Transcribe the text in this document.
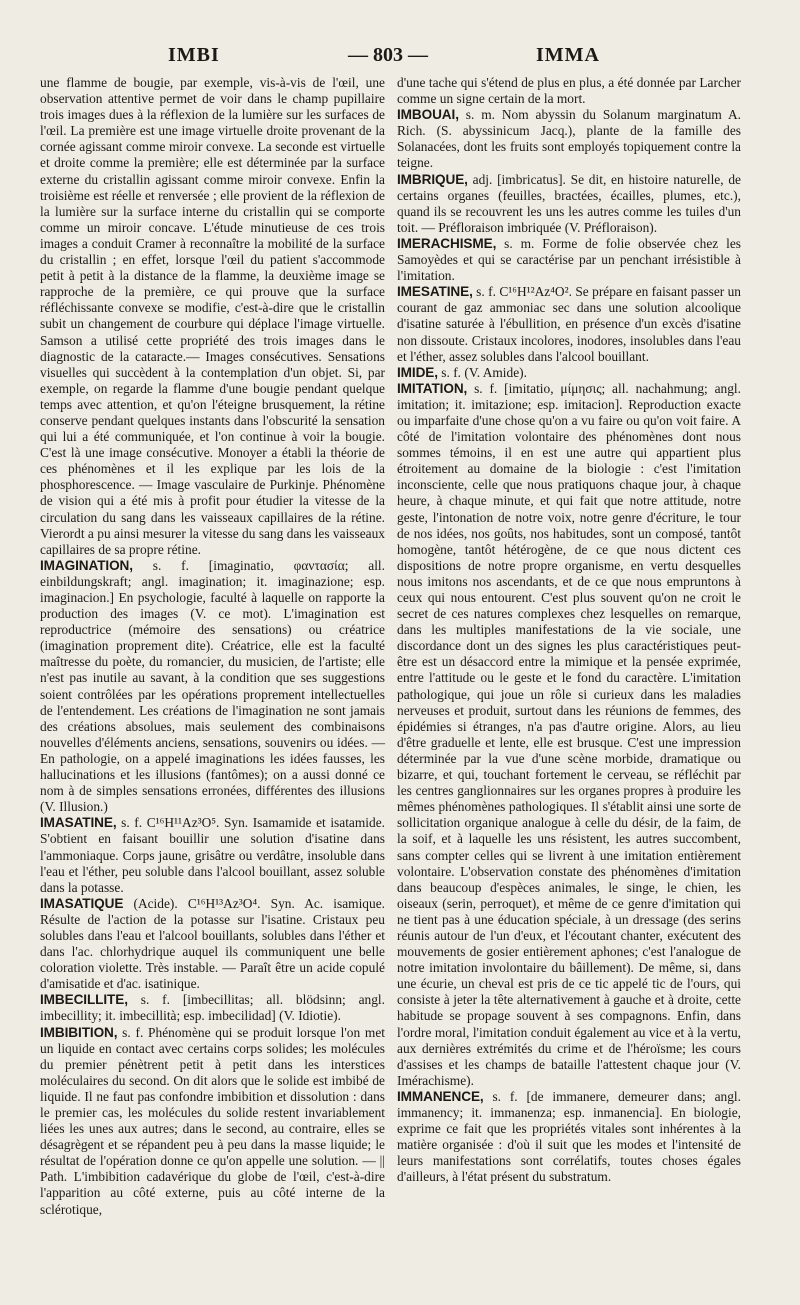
IMBI	— 803 —	IMMA

une flamme de bougie, par exemple, vis-à-vis de l'œil, une observation attentive permet de voir dans le champ pupillaire trois images dues à la réflexion de la lumière sur les surfaces de l'œil. La première est une image virtuelle droite provenant de la cornée agissant comme miroir convexe. La seconde est virtuelle et droite comme la première; elle est déterminée par la surface externe du cristallin agissant comme miroir convexe. Enfin la troisième est réelle et renversée ; elle provient de la réflexion de la lumière sur la surface interne du cristallin qui se comporte comme un miroir concave. L'étude minutieuse de ces trois images a conduit Cramer à reconnaître la mobilité de la surface du cristallin ; en effet, lorsque l'œil du patient s'accommode petit à petit à la distance de la flamme, la deuxième image se rapproche de la première, ce qui prouve que la surface réfléchissante convexe se modifie, c'est-à-dire que le cristallin subit un changement de courbure qui déplace l'image virtuelle. Samson a utilisé cette propriété des trois images dans le diagnostic de la cataracte.— Images consécutives. Sensations visuelles qui succèdent à la contemplation d'un objet. Si, par exemple, on regarde la flamme d'une bougie pendant quelque temps avec attention, et qu'on l'éteigne brusquement, la rétine conserve pendant quelques instants dans l'obscurité la sensation qui lui a été communiquée, et l'on continue à voir la bougie. C'est là une image consécutive. Monoyer a établi la théorie de ces phénomènes et il les explique par les lois de la phosphorescence. — Image vasculaire de Purkinje. Phénomène de vision qui a été mis à profit pour étudier la vitesse de la circulation du sang dans les vaisseaux capillaires de la rétine. Vierordt a pu ainsi mesurer la vitesse du sang dans les vaisseaux capillaires de sa propre rétine.

IMAGINATION, s. f. [imaginatio, φαντασία; all. einbildungskraft; angl. imagination; it. imaginazione; esp. imaginacion.] En psychologie, faculté à laquelle on rapporte la production des images (V. ce mot). L'imagination est reproductrice (mémoire des sensations) ou créatrice (imagination proprement dite). Créatrice, elle est la faculté maîtresse du poète, du romancier, du musicien, de l'artiste; elle n'est pas inutile au savant, à la condition que ses suggestions soient contrôlées par les opérations proprement intellectuelles de l'entendement. Les créations de l'imagination ne sont jamais des créations absolues, mais seulement des combinaisons nouvelles d'éléments anciens, sensations, souvenirs ou idées. — En pathologie, on a appelé imaginations les idées fausses, les hallucinations et les illusions (fantômes); on a aussi donné ce nom à de simples sensations erronées, différentes des illusions (V. Illusion.)

IMASATINE, s. f. C¹⁶H¹¹Az³O⁵. Syn. Isamamide et isatamide. S'obtient en faisant bouillir une solution d'isatine dans l'ammoniaque. Corps jaune, grisâtre ou verdâtre, insoluble dans l'eau et l'éther, peu soluble dans l'alcool bouillant, assez soluble dans la potasse.

IMASATIQUE (Acide). C¹⁶H¹³Az³O⁴. Syn. Ac. isamique. Résulte de l'action de la potasse sur l'isatine. Cristaux peu solubles dans l'eau et l'alcool bouillants, solubles dans l'éther et dans l'ac. chlorhydrique auquel ils communiquent une belle coloration violette. Très instable. — Paraît être un acide copulé d'amisatide et d'ac. isatinique.

IMBECILLITE, s. f. [imbecillitas; all. blödsinn; angl. imbecillity; it. imbecillità; esp. imbecilidad] (V. Idiotie).

IMBIBITION, s. f. Phénomène qui se produit lorsque l'on met un liquide en contact avec certains corps solides; les molécules du premier pénètrent petit à petit dans les interstices moléculaires du second. On dit alors que le solide est imbibé de liquide. Il ne faut pas confondre imbibition et dissolution : dans le premier cas, les molécules du solide restent invariablement liées les unes aux autres; dans le second, au contraire, elles se désagrègent et se répandent peu à peu dans la masse liquide; le résultat de l'opération donne ce qu'on appelle une solution. — || Path. L'imbibition cadavérique du globe de l'œil, c'est-à-dire l'apparition au côté externe, puis au côté interne de la sclérotique,

d'une tache qui s'étend de plus en plus, a été donnée par Larcher comme un signe certain de la mort.

IMBOUAI, s. m. Nom abyssin du Solanum marginatum A. Rich. (S. abyssinicum Jacq.), plante de la famille des Solanacées, dont les fruits sont employés topiquement contre la teigne.

IMBRIQUE, adj. [imbricatus]. Se dit, en histoire naturelle, de certains organes (feuilles, bractées, écailles, plumes, etc.), quand ils se recouvrent les uns les autres comme les tuiles d'un toit. — Préfloraison imbriquée (V. Préfloraison).

IMERACHISME, s. m. Forme de folie observée chez les Samoyèdes et qui se caractérise par un penchant irrésistible à l'imitation.

IMESATINE, s. f. C¹⁶H¹²Az⁴O². Se prépare en faisant passer un courant de gaz ammoniac sec dans une solution alcoolique d'isatine saturée à l'ébullition, en présence d'un excès d'isatine non dissoute. Cristaux incolores, inodores, insolubles dans l'eau et l'éther, assez solubles dans l'alcool bouillant.

IMIDE, s. f. (V. Amide).

IMITATION, s. f. [imitatio, μίμησις; all. nachahmung; angl. imitation; it. imitazione; esp. imitacion]. Reproduction exacte ou imparfaite d'une chose qu'on a vu faire ou qu'on voit faire. A côté de l'imitation volontaire des phénomènes dont nous sommes témoins, il en est une autre qui appartient plus étroitement au domaine de la biologie : c'est l'imitation inconsciente, celle que nous pratiquons chaque jour, à chaque heure, à chaque minute, et qui fait que notre attitude, notre geste, l'intonation de notre voix, notre genre d'écriture, le tour de nos idées, nos goûts, nos habitudes, sont un composé, tantôt homogène, tantôt hétérogène, de ce que nous dictent ces dispositions de notre propre organisme, en vertu desquelles nous imitons nos ascendants, et de ce que nous empruntons à ceux qui nous entourent. C'est plus souvent qu'on ne croit le secret de ces natures complexes chez lesquelles on remarque, dans les multiples manifestations de la vie sociale, une discordance dont un des signes les plus caractéristiques peut-être est un désaccord entre la mimique et la pensée exprimée, entre l'attitude ou le geste et le fond du caractère. L'imitation pathologique, qui joue un rôle si curieux dans les maladies nerveuses et produit, surtout dans les réunions de femmes, des épidémies si étranges, n'a pas d'autre origine. Alors, au lieu d'être graduelle et lente, elle est brusque. C'est une impression déterminée par la vue d'une scène morbide, dramatique ou bizarre, et qui, touchant fortement le cerveau, se réfléchit par les centres ganglionnaires sur les organes propres à produire les mêmes phénomènes pathologiques. Il s'établit ainsi une sorte de sollicitation organique analogue à celle du désir, de la faim, de la soif, et à laquelle les uns résistent, les autres succombent, sans compter celles qui se livrent à une imitation entièrement volontaire. L'observation constate des phénomènes d'imitation dans beaucoup d'espèces animales, le singe, le chien, les oiseaux (serin, perroquet), et même de ce genre d'imitation qui ne tient pas à une éducation spéciale, à un dressage (des serins réunis autour de l'un d'eux, et l'écoutant chanter, exécutent des mouvements de gosier entièrement aphones; c'est l'analogue de notre imitation involontaire du bâillement). De même, si, dans une écurie, un cheval est pris de ce tic appelé tic de l'ours, qui consiste à jeter la tête alternativement à gauche et à droite, cette habitude se propage souvent à ses compagnons. Enfin, dans l'ordre moral, l'imitation conduit également au vice et à la vertu, aux dernières extrémités du crime et de l'héroïsme; les cours d'assises et les champs de bataille l'attestent chaque jour (V. Imérachisme).

IMMANENCE, s. f. [de immanere, demeurer dans; angl. immanency; it. immanenza; esp. inmanencia]. En biologie, exprime ce fait que les propriétés vitales sont inhérentes à la matière organisée : d'où il suit que les modes et l'intensité de leurs manifestations sont corrélatifs, toutes choses égales d'ailleurs, à l'état présent du substratum.
